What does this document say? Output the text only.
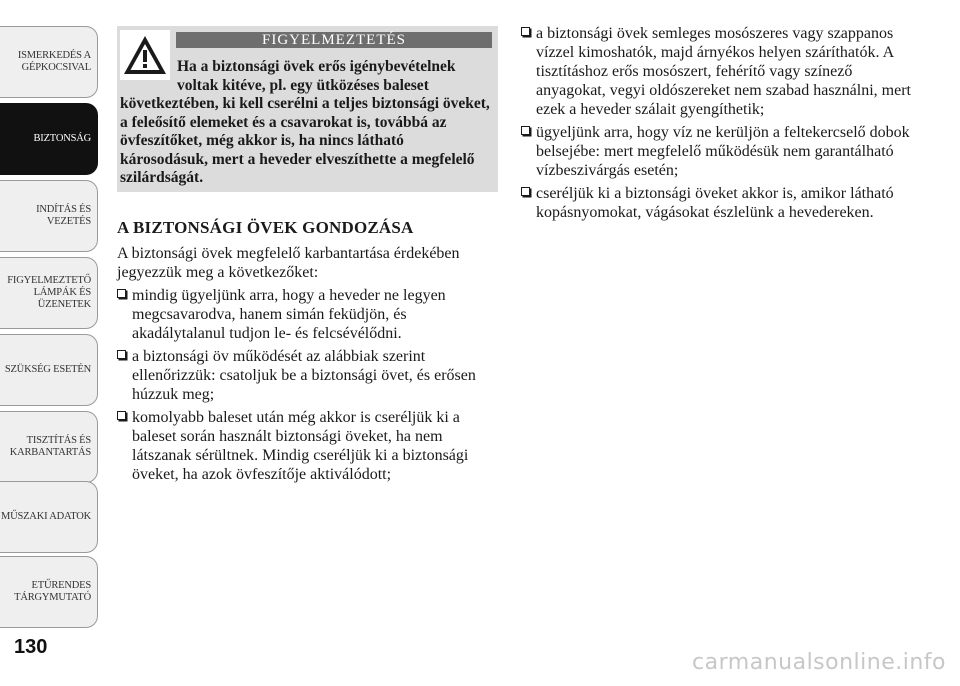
ISMERKEDÉS A
GÉPKOCSIVAL
BIZTONSÁG
INDÍTÁS ÉS
VEZETÉS
FIGYELMEZTETŐ
LÁMPÁK ÉS
ÜZENETEK
SZÜKSÉG ESETÉN
TISZTÍTÁS ÉS
KARBANTARTÁS
MŰSZAKI ADATOK
ETŰRENDES
TÁRGYMUTATÓ
130
FIGYELMEZTETÉS
Ha a biztonsági övek erős igénybevételnek voltak kitéve, pl. egy ütközéses baleset következtében, ki kell cserélni a teljes biztonsági öveket, a feleősítő elemeket és a csavarokat is, továbbá az övfeszítőket, még akkor is, ha nincs látható károsodásuk, mert a heveder elveszíthette a megfelelő szilárdságát.
A BIZTONSÁGI ÖVEK GONDOZÁSA

A biztonsági övek megfelelő karbantartása érdekében jegyezzük meg a következőket:

mindig ügyeljünk arra, hogy a heveder ne legyen megcsavarodva, hanem simán feküdjön, és akadálytalanul tudjon le- és felcsévélődni.
a biztonsági öv működését az alábbiak szerint ellenőrizzük: csatoljuk be a biztonsági övet, és erősen húzzuk meg;
komolyabb baleset után még akkor is cseréljük ki a baleset során használt biztonsági öveket, ha nem látszanak sérültnek. Mindig cseréljük ki a biztonsági öveket, ha azok övfeszítője aktiválódott;
a biztonsági övek semleges mosószeres vagy szappanos vízzel kimoshatók, majd árnyékos helyen száríthatók. A tisztításhoz erős mosószert, fehérítő vagy színező anyagokat, vegyi oldószereket nem szabad használni, mert ezek a heveder szálait gyengíthetik;
ügyeljünk arra, hogy víz ne kerüljön a feltekercselő dobok belsejébe: mert megfelelő működésük nem garantálható vízbeszivárgás esetén;
cseréljük ki a biztonsági öveket akkor is, amikor látható kopásnyomokat, vágásokat észlelünk a hevedereken.
carmanualsonline.info
